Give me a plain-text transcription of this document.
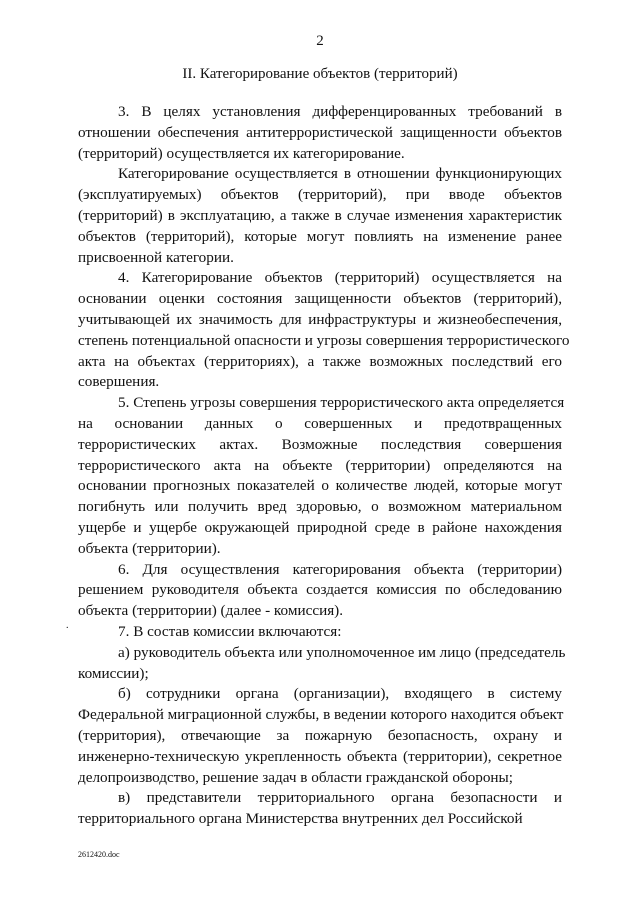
2
II. Категорирование объектов (территорий)
3. В целях установления дифференцированных требований в
отношении обеспечения антитеррористической защищенности объектов
(территорий) осуществляется их категорирование.
Категорирование осуществляется в отношении функционирующих
(эксплуатируемых) объектов (территорий), при вводе объектов
(территорий) в эксплуатацию, а также в случае изменения характеристик
объектов (территорий), которые могут повлиять на изменение ранее
присвоенной категории.
4. Категорирование объектов (территорий) осуществляется на
основании оценки состояния защищенности объектов (территорий),
учитывающей их значимость для инфраструктуры и жизнеобеспечения,
степень потенциальной опасности и угрозы совершения террористического
акта на объектах (территориях), а также возможных последствий его
совершения.
5. Степень угрозы совершения террористического акта определяется
на основании данных о совершенных и предотвращенных
террористических актах. Возможные последствия совершения
террористического акта на объекте (территории) определяются на
основании прогнозных показателей о количестве людей, которые могут
погибнуть или получить вред здоровью, о возможном материальном
ущербе и ущербе окружающей природной среде в районе нахождения
объекта (территории).
6. Для осуществления категорирования объекта (территории)
решением руководителя объекта создается комиссия по обследованию
объекта (территории) (далее - комиссия).
7. В состав комиссии включаются:
а) руководитель объекта или уполномоченное им лицо (председатель
комиссии);
б) сотрудники органа (организации), входящего в систему
Федеральной миграционной службы, в ведении которого находится объект
(территория), отвечающие за пожарную безопасность, охрану и
инженерно-техническую укрепленность объекта (территории), секретное
делопроизводство, решение задач в области гражданской обороны;
в) представители территориального органа безопасности и
территориального органа Министерства внутренних дел Российской
.
2612420.doc
